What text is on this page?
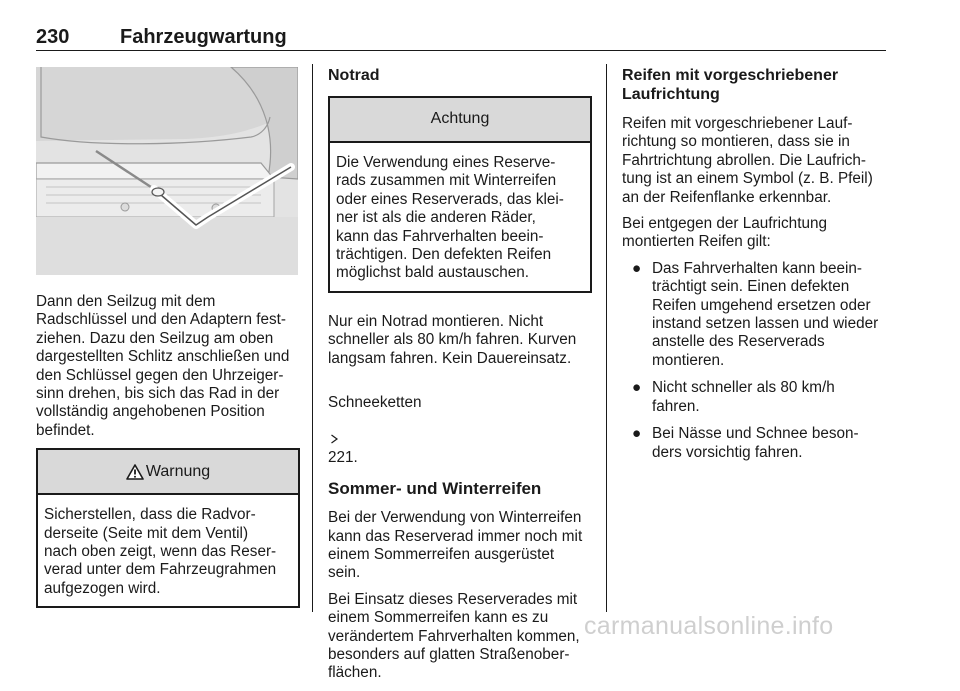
230	Fahrzeugwartung

Dann den Seilzug mit dem
Radschlüssel und den Adaptern fest-
ziehen. Dazu den Seilzug am oben
dargestellten Schlitz anschließen und
den Schlüssel gegen den Uhrzeiger-
sinn drehen, bis sich das Rad in der
vollständig angehobenen Position
befindet.

Warnung
Sicherstellen, dass die Radvor-
derseite (Seite mit dem Ventil)
nach oben zeigt, wenn das Reser-
verad unter dem Fahrzeugrahmen
aufgezogen wird.
Notrad
Achtung
Die Verwendung eines Reserve-
rads zusammen mit Winterreifen
oder eines Reserverads, das klei-
ner ist als die anderen Räder,
kann das Fahrverhalten beein-
trächtigen. Den defekten Reifen
möglichst bald austauschen.

Nur ein Notrad montieren. Nicht
schneller als 80 km/h fahren. Kurven
langsam fahren. Kein Dauereinsatz.

Schneeketten

221.

Sommer- und Winterreifen

Bei der Verwendung von Winterreifen
kann das Reserverad immer noch mit
einem Sommerreifen ausgerüstet
sein.

Bei Einsatz dieses Reserverades mit
einem Sommerreifen kann es zu
verändertem Fahrverhalten kommen,
besonders auf glatten Straßenober-
flächen.

Reifen mit vorgeschriebener
Laufrichtung

Reifen mit vorgeschriebener Lauf-
richtung so montieren, dass sie in
Fahrtrichtung abrollen. Die Laufrich-
tung ist an einem Symbol (z. B. Pfeil)
an der Reifenflanke erkennbar.

Bei entgegen der Laufrichtung
montierten Reifen gilt:

● Das Fahrverhalten kann beein-
trächtigt sein. Einen defekten
Reifen umgehend ersetzen oder
instand setzen lassen und wieder
anstelle des Reserverads
montieren.
● Nicht schneller als 80 km/h
fahren.
● Bei Nässe und Schnee beson-
ders vorsichtig fahren.
carmanualsonline.info
